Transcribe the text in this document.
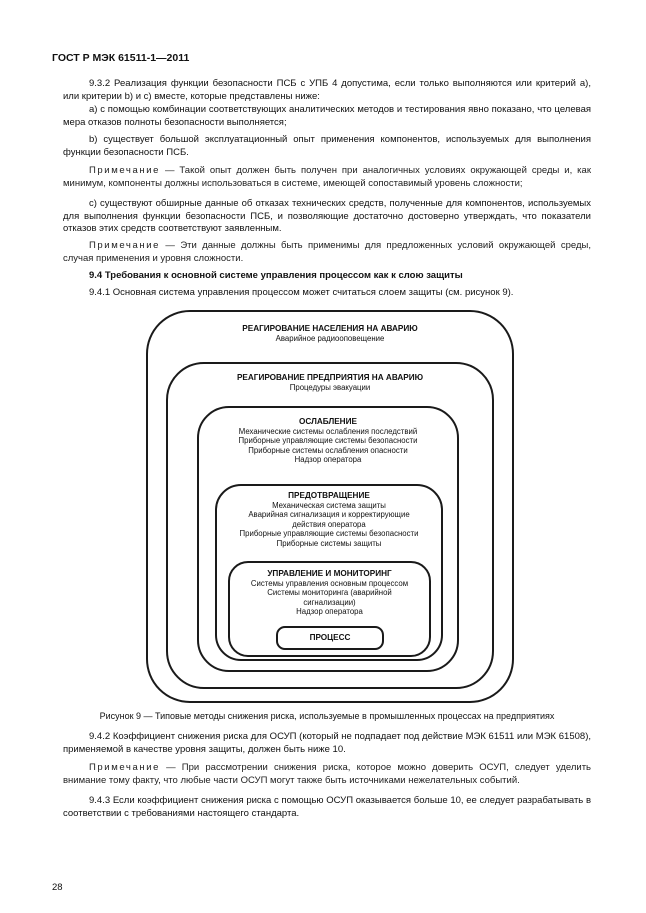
ГОСТ Р МЭК 61511-1—2011

9.3.2 Реализация функции безопасности ПСБ с УПБ 4 допустима, если только выполняются или критерий a), или критерии b) и c) вместе, которые представлены ниже:

a) с помощью комбинации соответствующих аналитических методов и тестирования явно показано, что целевая мера отказов полноты безопасности выполняется;

b) существует большой эксплуатационный опыт применения компонентов, используемых для выполнения функции безопасности ПСБ.

Примечание — Такой опыт должен быть получен при аналогичных условиях окружающей среды и, как минимум, компоненты должны использоваться в системе, имеющей сопоставимый уровень сложности;

c) существуют обширные данные об отказах технических средств, полученные для компонентов, используемых для выполнения функции безопасности ПСБ, и позволяющие достаточно достоверно утверждать, что показатели отказов этих средств соответствуют заявленным.

Примечание — Эти данные должны быть применимы для предложенных условий окружающей среды, случая применения и уровня сложности.

9.4 Требования к основной системе управления процессом как к слою защиты

9.4.1 Основная система управления процессом может считаться слоем защиты (см. рисунок 9).

РЕАГИРОВАНИЕ НАСЕЛЕНИЯ НА АВАРИЮ
Аварийное радиооповещение
РЕАГИРОВАНИЕ ПРЕДПРИЯТИЯ НА АВАРИЮ
Процедуры эвакуации
ОСЛАБЛЕНИЕ
Механические системы ослабления последствий
Приборные управляющие системы безопасности
Приборные системы ослабления опасности
Надзор оператора
ПРЕДОТВРАЩЕНИЕ
Механическая система защиты
Аварийная сигнализация и корректирующие
действия оператора
Приборные управляющие системы безопасности
Приборные системы защиты
УПРАВЛЕНИЕ И МОНИТОРИНГ
Системы управления основным процессом
Системы мониторинга (аварийной
сигнализации)
Надзор оператора
ПРОЦЕСС
Рисунок 9 — Типовые методы снижения риска, используемые в промышленных процессах на предприятиях

9.4.2 Коэффициент снижения риска для ОСУП (который не подпадает под действие МЭК 61511 или МЭК 61508), применяемой в качестве уровня защиты, должен быть ниже 10.

Примечание — При рассмотрении снижения риска, которое можно доверить ОСУП, следует уделить внимание тому факту, что любые части ОСУП могут также быть источниками нежелательных событий.

9.4.3 Если коэффициент снижения риска с помощью ОСУП оказывается больше 10, ее следует разрабатывать в соответствии с требованиями настоящего стандарта.

28
